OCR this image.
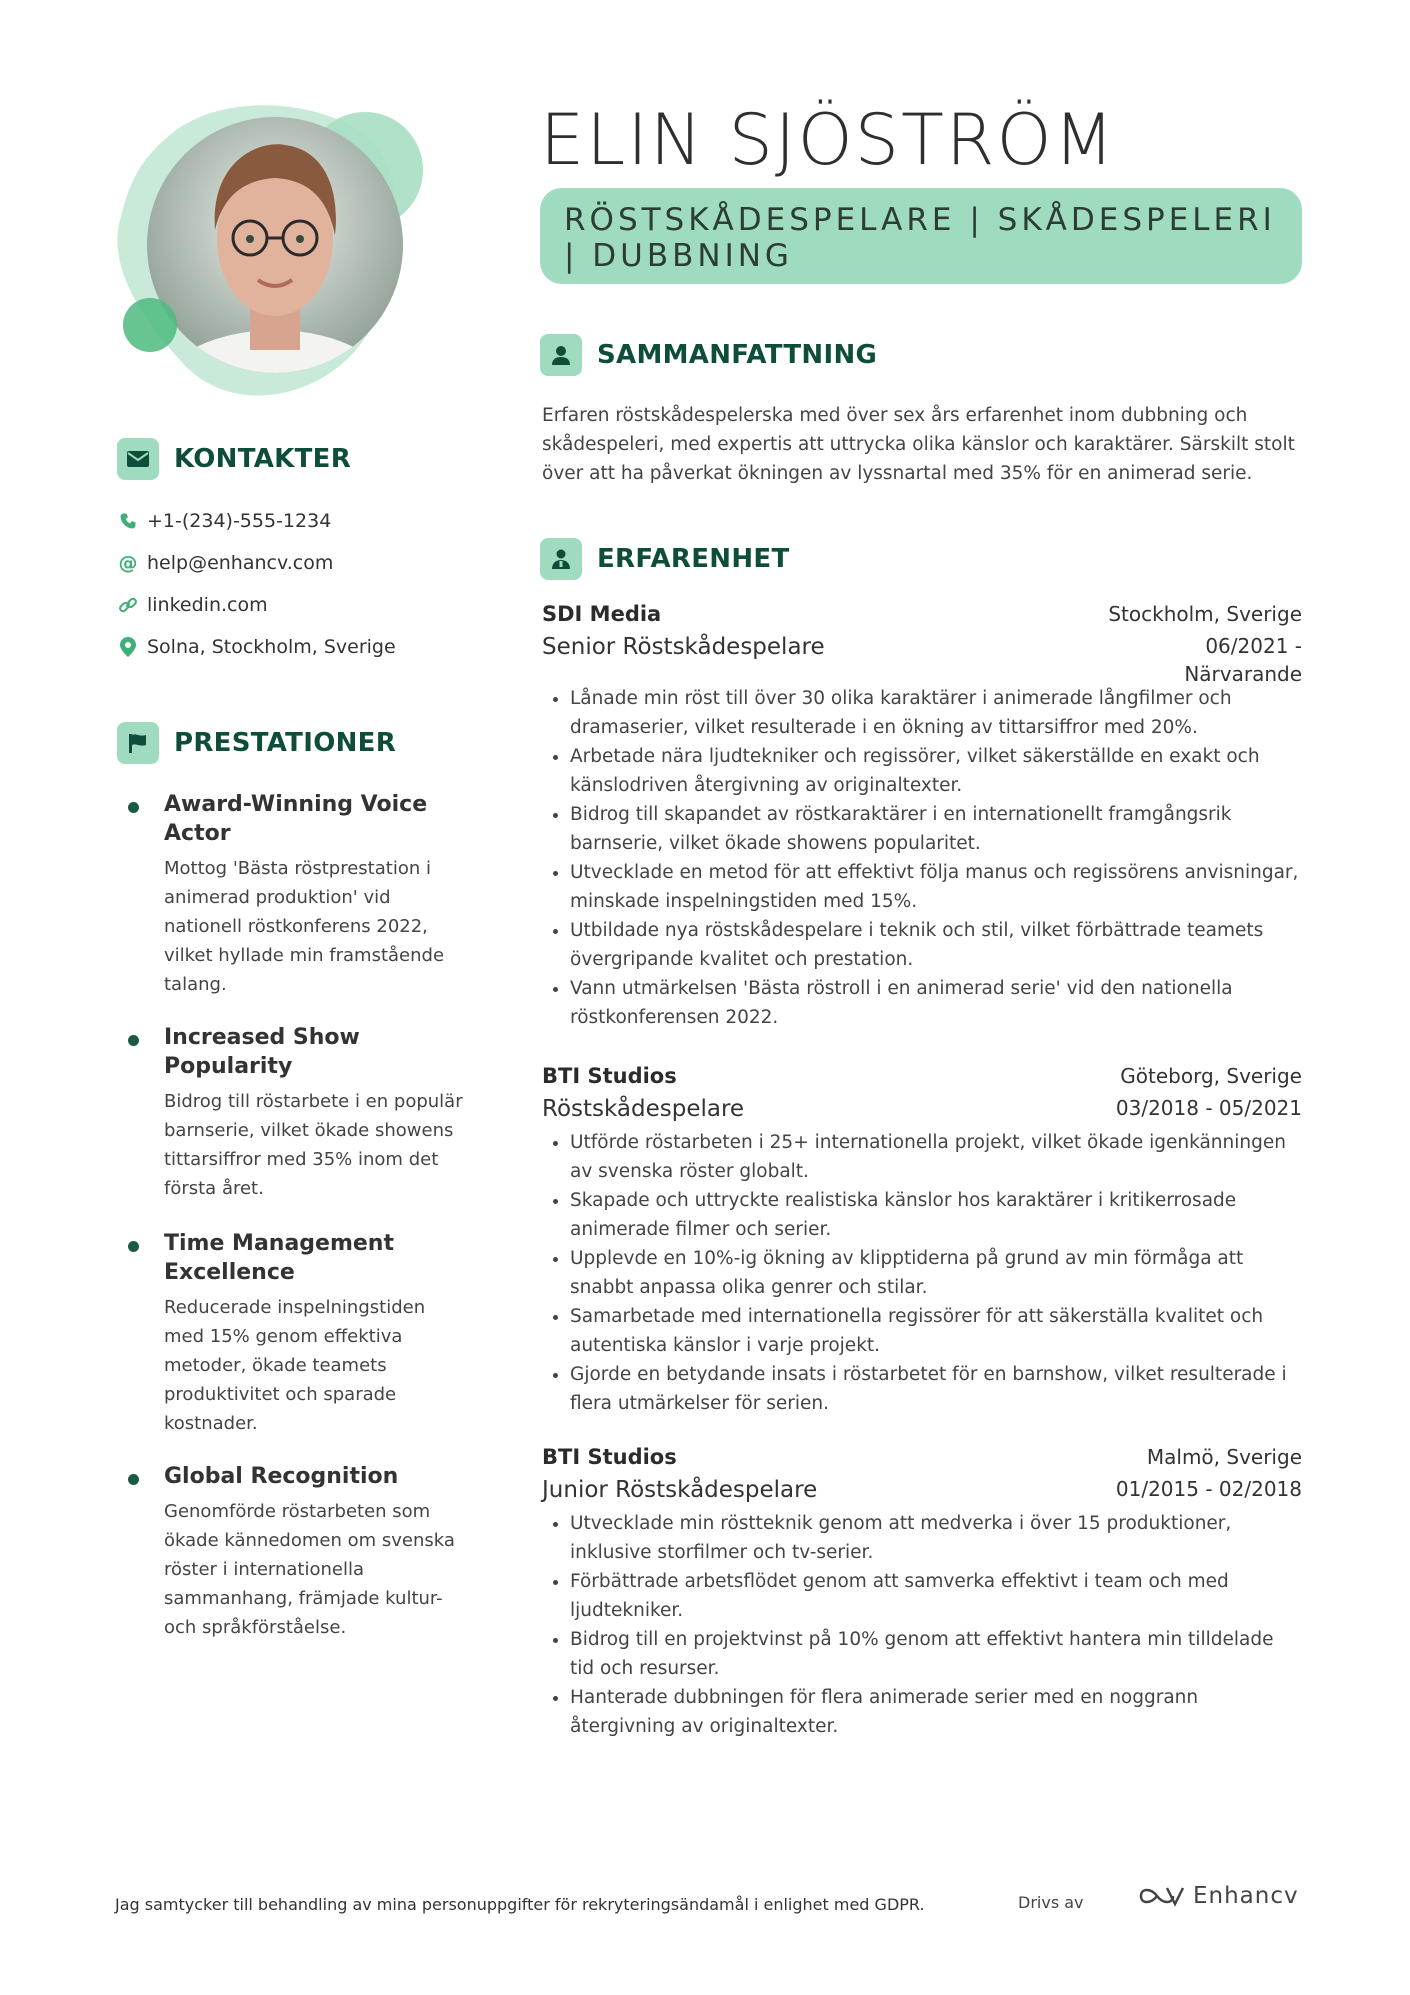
KONTAKTER
+1-(234)-555-1234
@ help@enhancv.com
linkedin.com
Solna, Stockholm, Sverige
PRESTATIONER
Award-Winning Voice Actor
Mottog 'Bästa röstprestation i animerad produktion' vid nationell röstkonferens 2022, vilket hyllade min framstående talang.
Increased Show Popularity
Bidrog till röstarbete i en populär barnserie, vilket ökade showens tittarsiffror med 35% inom det första året.
Time Management Excellence
Reducerade inspelningstiden med 15% genom effektiva metoder, ökade teamets produktivitet och sparade kostnader.
Global Recognition
Genomförde röstarbeten som ökade kännedomen om svenska röster i internationella sammanhang, främjade kultur- och språkförståelse.
ELIN SJÖSTRÖM
RÖSTSKÅDESPELARE | SKÅDESPELERI | DUBBNING
SAMMANFATTNING
Erfaren röstskådespelerska med över sex års erfarenhet inom dubbning och skådespeleri, med expertis att uttrycka olika känslor och karaktärer. Särskilt stolt över att ha påverkat ökningen av lyssnartal med 35% för en animerad serie.
ERFARENHET
SDI Media	Stockholm, Sverige
Senior Röstskådespelare	06/2021 -
Närvarande
• Lånade min röst till över 30 olika karaktärer i animerade långfilmer och dramaserier, vilket resulterade i en ökning av tittarsiffror med 20%.
• Arbetade nära ljudtekniker och regissörer, vilket säkerställde en exakt och känslodriven återgivning av originaltexter.
• Bidrog till skapandet av röstkaraktärer i en internationellt framgångsrik barnserie, vilket ökade showens popularitet.
• Utvecklade en metod för att effektivt följa manus och regissörens anvisningar, minskade inspelningstiden med 15%.
• Utbildade nya röstskådespelare i teknik och stil, vilket förbättrade teamets övergripande kvalitet och prestation.
• Vann utmärkelsen 'Bästa röstroll i en animerad serie' vid den nationella röstkonferensen 2022.
BTI Studios	Göteborg, Sverige
Röstskådespelare	03/2018 - 05/2021
• Utförde röstarbeten i 25+ internationella projekt, vilket ökade igenkänningen av svenska röster globalt.
• Skapade och uttryckte realistiska känslor hos karaktärer i kritikerrosade animerade filmer och serier.
• Upplevde en 10%-ig ökning av klipptiderna på grund av min förmåga att snabbt anpassa olika genrer och stilar.
• Samarbetade med internationella regissörer för att säkerställa kvalitet och autentiska känslor i varje projekt.
• Gjorde en betydande insats i röstarbetet för en barnshow, vilket resulterade i flera utmärkelser för serien.
BTI Studios	Malmö, Sverige
Junior Röstskådespelare	01/2015 - 02/2018
• Utvecklade min röstteknik genom att medverka i över 15 produktioner, inklusive storfilmer och tv-serier.
• Förbättrade arbetsflödet genom att samverka effektivt i team och med ljudtekniker.
• Bidrog till en projektvinst på 10% genom att effektivt hantera min tilldelade tid och resurser.
• Hanterade dubbningen för flera animerade serier med en noggrann återgivning av originaltexter.
Jag samtycker till behandling av mina personuppgifter för rekryteringsändamål i enlighet med GDPR.	Drivs av	Enhancv
